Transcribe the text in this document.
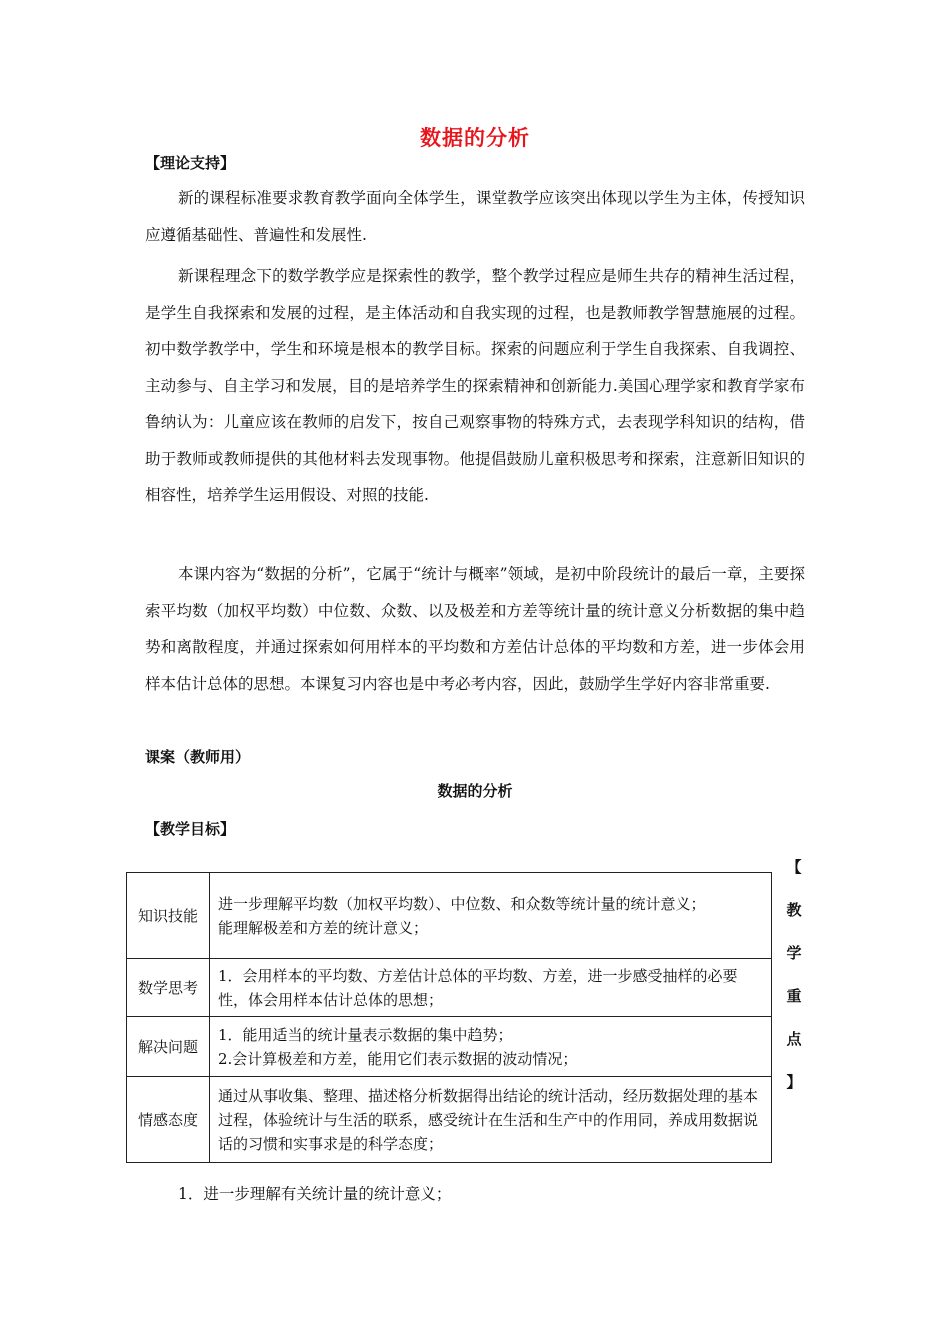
数据的分析
【理论支持】
新的课程标准要求教育教学面向全体学生，课堂教学应该突出体现以学生为主体，传授知识应遵循基础性、普遍性和发展性.
新课程理念下的数学教学应是探索性的教学，整个教学过程应是师生共存的精神生活过程，是学生自我探索和发展的过程，是主体活动和自我实现的过程，也是教师教学智慧施展的过程。初中数学教学中，学生和环境是根本的教学目标。探索的问题应利于学生自我探索、自我调控、主动参与、自主学习和发展，目的是培养学生的探索精神和创新能力.美国心理学家和教育学家布鲁纳认为：儿童应该在教师的启发下，按自己观察事物的特殊方式，去表现学科知识的结构，借助于教师或教师提供的其他材料去发现事物。他提倡鼓励儿童积极思考和探索，注意新旧知识的相容性，培养学生运用假设、对照的技能.
本课内容为“数据的分析”，它属于“统计与概率”领域，是初中阶段统计的最后一章，主要探索平均数（加权平均数）中位数、众数、以及极差和方差等统计量的统计意义分析数据的集中趋势和离散程度，并通过探索如何用样本的平均数和方差估计总体的平均数和方差，进一步体会用样本估计总体的思想。本课复习内容也是中考必考内容，因此，鼓励学生学好内容非常重要.
课案（教师用）
数据的分析
【教学目标】
知识技能	进一步理解平均数（加权平均数）、中位数、和众数等统计量的统计意义；
能理解极差和方差的统计意义；

数学思考	1．会用样本的平均数、方差估计总体的平均数、方差，进一步感受抽样的必要性，体会用样本估计总体的思想；

解决问题	1．能用适当的统计量表示数据的集中趋势；
2.会计算极差和方差，能用它们表示数据的波动情况；

情感态度	通过从事收集、整理、描述格分析数据得出结论的统计活动，经历数据处理的基本过程，体验统计与生活的联系，感受统计在生活和生产中的作用同，养成用数据说话的习惯和实事求是的科学态度；
【
教
学
重
点
】
1．进一步理解有关统计量的统计意义；
